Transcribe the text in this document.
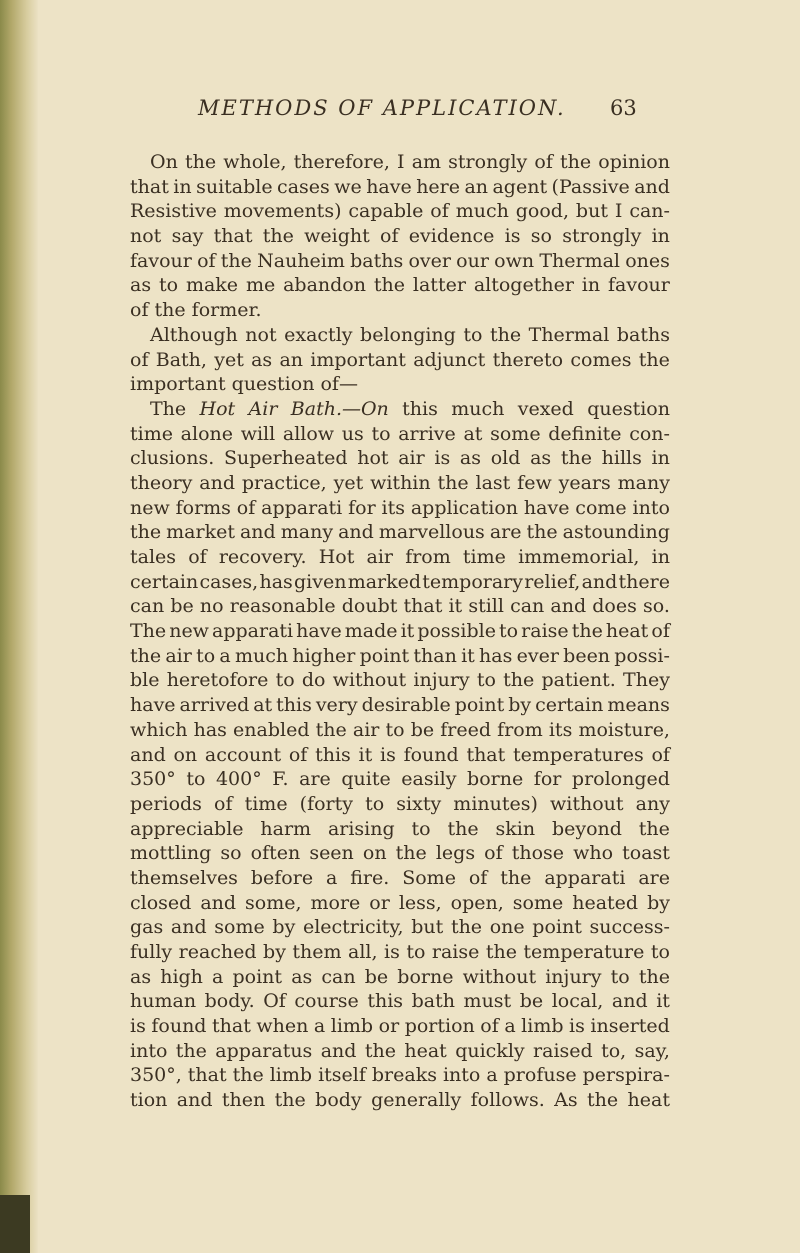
METHODS OF APPLICATION. 63
On the whole, therefore, I am strongly of the opinion
that in suitable cases we have here an agent (Passive and
Resistive movements) capable of much good, but I can-
not say that the weight of evidence is so strongly in
favour of the Nauheim baths over our own Thermal ones
as to make me abandon the latter altogether in favour
of the former.
Although not exactly belonging to the Thermal baths
of Bath, yet as an important adjunct thereto comes the
important question of—
The Hot Air Bath.—On this much vexed question
time alone will allow us to arrive at some definite con-
clusions. Superheated hot air is as old as the hills in
theory and practice, yet within the last few years many
new forms of apparati for its application have come into
the market and many and marvellous are the astounding
tales of recovery. Hot air from time immemorial, in
certain cases, has given marked temporary relief, and there
can be no reasonable doubt that it still can and does so.
The new apparati have made it possible to raise the heat of
the air to a much higher point than it has ever been possi-
ble heretofore to do without injury to the patient. They
have arrived at this very desirable point by certain means
which has enabled the air to be freed from its moisture,
and on account of this it is found that temperatures of
350° to 400° F. are quite easily borne for prolonged
periods of time (forty to sixty minutes) without any
appreciable harm arising to the skin beyond the
mottling so often seen on the legs of those who toast
themselves before a fire. Some of the apparati are
closed and some, more or less, open, some heated by
gas and some by electricity, but the one point success-
fully reached by them all, is to raise the temperature to
as high a point as can be borne without injury to the
human body. Of course this bath must be local, and it
is found that when a limb or portion of a limb is inserted
into the apparatus and the heat quickly raised to, say,
350°, that the limb itself breaks into a profuse perspira-
tion and then the body generally follows. As the heat
